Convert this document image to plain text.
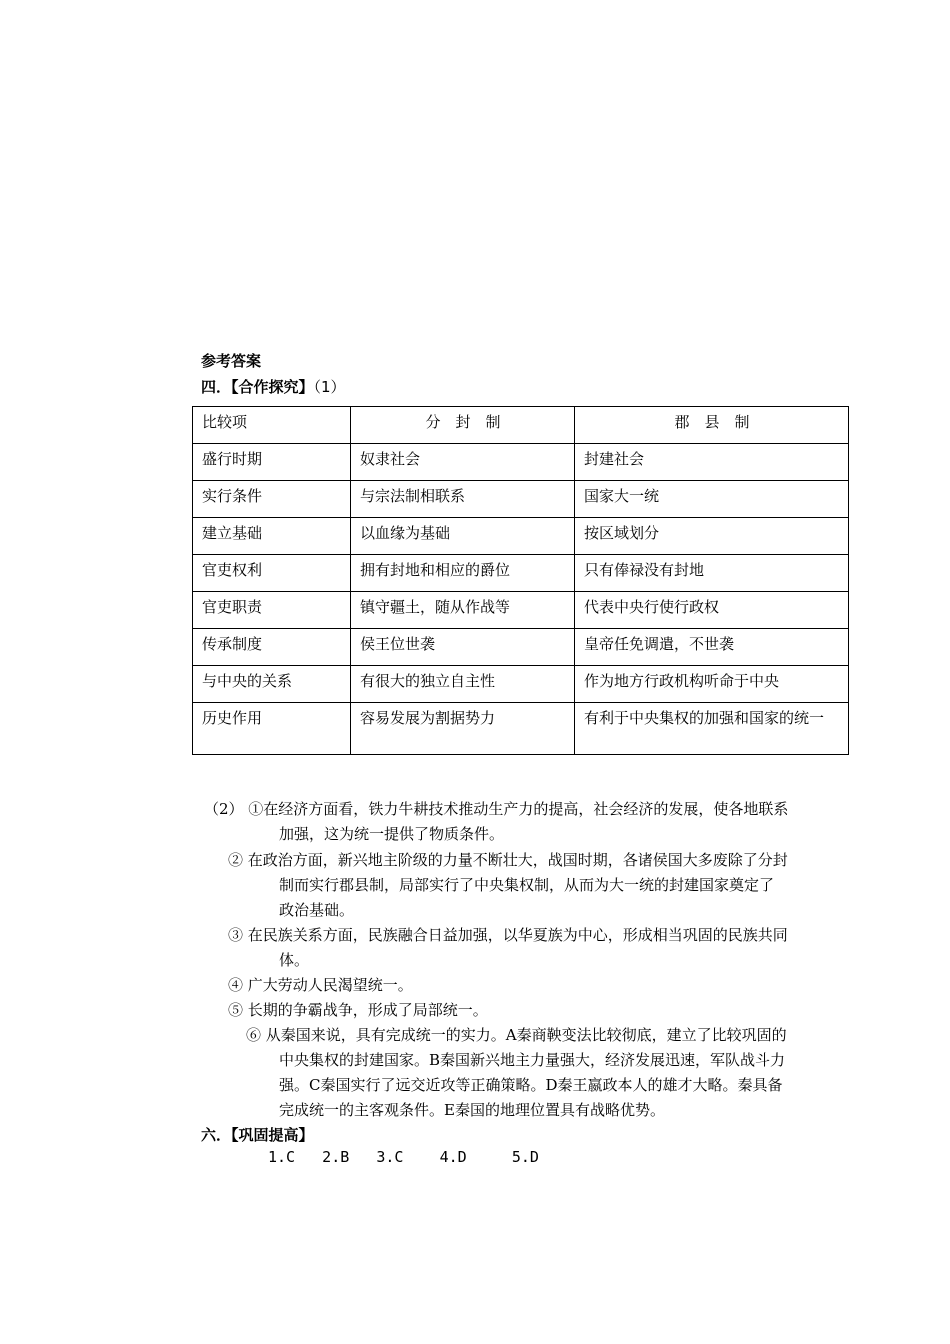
参考答案
四．【合作探究】（1）
比较项	分　封　制	郡　县　制
盛行时期	奴隶社会	封建社会
实行条件	与宗法制相联系	国家大一统
建立基础	以血缘为基础	按区域划分
官吏权利	拥有封地和相应的爵位	只有俸禄没有封地
官吏职责	镇守疆土，随从作战等	代表中央行使行政权
传承制度	侯王位世袭	皇帝任免调遣，不世袭
与中央的关系	有很大的独立自主性	作为地方行政机构听命于中央
历史作用	容易发展为割据势力	有利于中央集权的加强和国家的统一
（2） ①在经济方面看，铁力牛耕技术推动生产力的提高，社会经济的发展，使各地联系
加强，这为统一提供了物质条件。
② 在政治方面，新兴地主阶级的力量不断壮大，战国时期，各诸侯国大多废除了分封
制而实行郡县制，局部实行了中央集权制，从而为大一统的封建国家奠定了
政治基础。
③ 在民族关系方面，民族融合日益加强，以华夏族为中心，形成相当巩固的民族共同
体。
④ 广大劳动人民渴望统一。
⑤ 长期的争霸战争，形成了局部统一。
⑥ 从秦国来说，具有完成统一的实力。A秦商鞅变法比较彻底，建立了比较巩固的
中央集权的封建国家。B秦国新兴地主力量强大，经济发展迅速，军队战斗力
强。C秦国实行了远交近攻等正确策略。D秦王嬴政本人的雄才大略。秦具备
完成统一的主客观条件。E秦国的地理位置具有战略优势。
六．【巩固提高】
1.C   2.B   3.C    4.D     5.D
